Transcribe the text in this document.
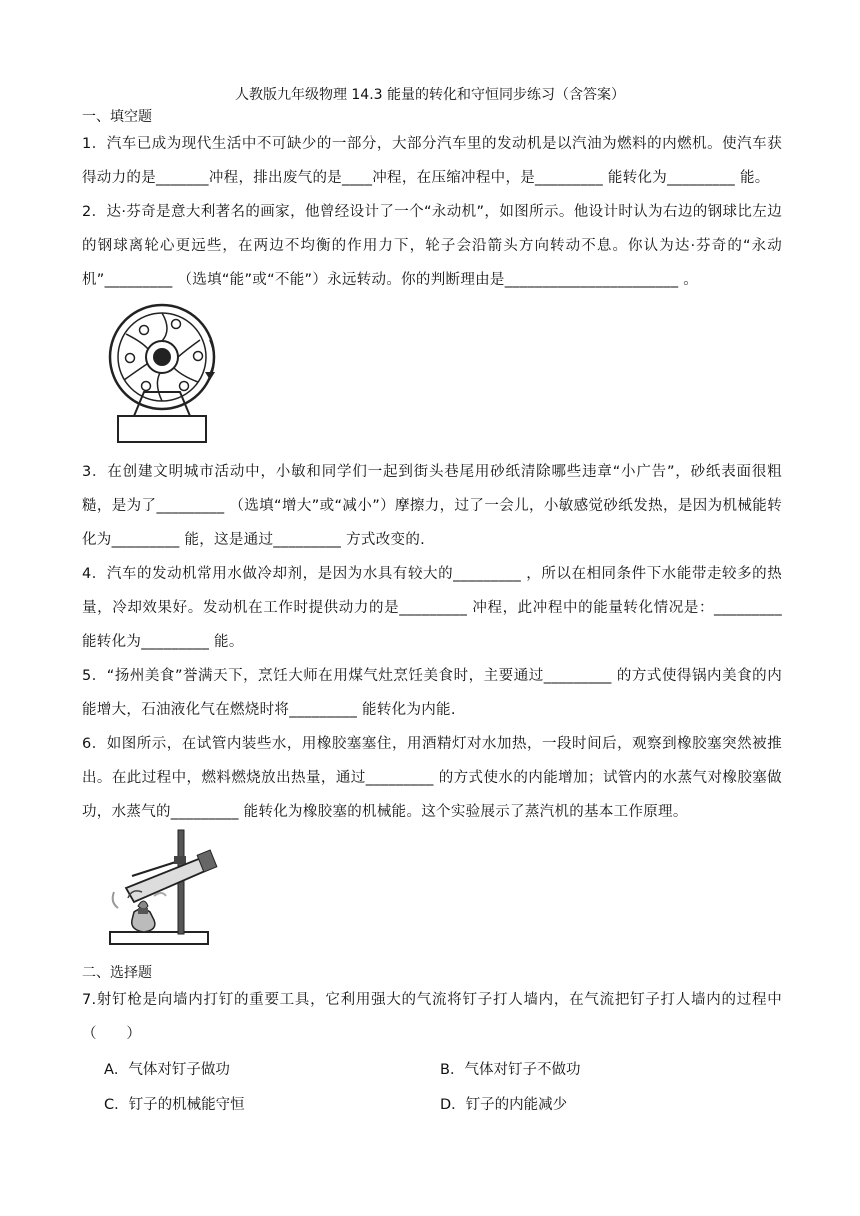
人教版九年级物理 14.3 能量的转化和守恒同步练习（含答案）
一、填空题
1．汽车已成为现代生活中不可缺少的一部分，大部分汽车里的发动机是以汽油为燃料的内燃机。使汽车获得动力的是_______冲程，排出废气的是____冲程，在压缩冲程中，是_________ 能转化为_________ 能。
2．达·芬奇是意大利著名的画家，他曾经设计了一个“永动机”，如图所示。他设计时认为右边的钢球比左边的钢球离轮心更远些，在两边不均衡的作用力下，轮子会沿箭头方向转动不息。你认为达·芬奇的“永动机”_________ （选填“能”或“不能”）永远转动。你的判断理由是_______________________ 。
3．在创建文明城市活动中，小敏和同学们一起到街头巷尾用砂纸清除哪些违章“小广告”，砂纸表面很粗糙，是为了_________ （选填“增大”或“减小”）摩擦力，过了一会儿，小敏感觉砂纸发热，是因为机械能转化为_________ 能，这是通过_________ 方式改变的.
4．汽车的发动机常用水做冷却剂，是因为水具有较大的_________ ，所以在相同条件下水能带走较多的热量，冷却效果好。发动机在工作时提供动力的是_________ 冲程，此冲程中的能量转化情况是：_________能转化为_________ 能。
5．“扬州美食”誉满天下，烹饪大师在用煤气灶烹饪美食时，主要通过_________ 的方式使得锅内美食的内能增大，石油液化气在燃烧时将_________ 能转化为内能.
6．如图所示，在试管内装些水，用橡胶塞塞住，用酒精灯对水加热，一段时间后，观察到橡胶塞突然被推出。在此过程中，燃料燃烧放出热量，通过_________ 的方式使水的内能增加；试管内的水蒸气对橡胶塞做功，水蒸气的_________ 能转化为橡胶塞的机械能。这个实验展示了蒸汽机的基本工作原理。
二、选择题
7.射钉枪是向墙内打钉的重要工具，它利用强大的气流将钉子打人墙内，在气流把钉子打人墙内的过程中（　　）
A．气体对钉子做功	B．气体对钉子不做功
C．钉子的机械能守恒	D．钉子的内能减少
